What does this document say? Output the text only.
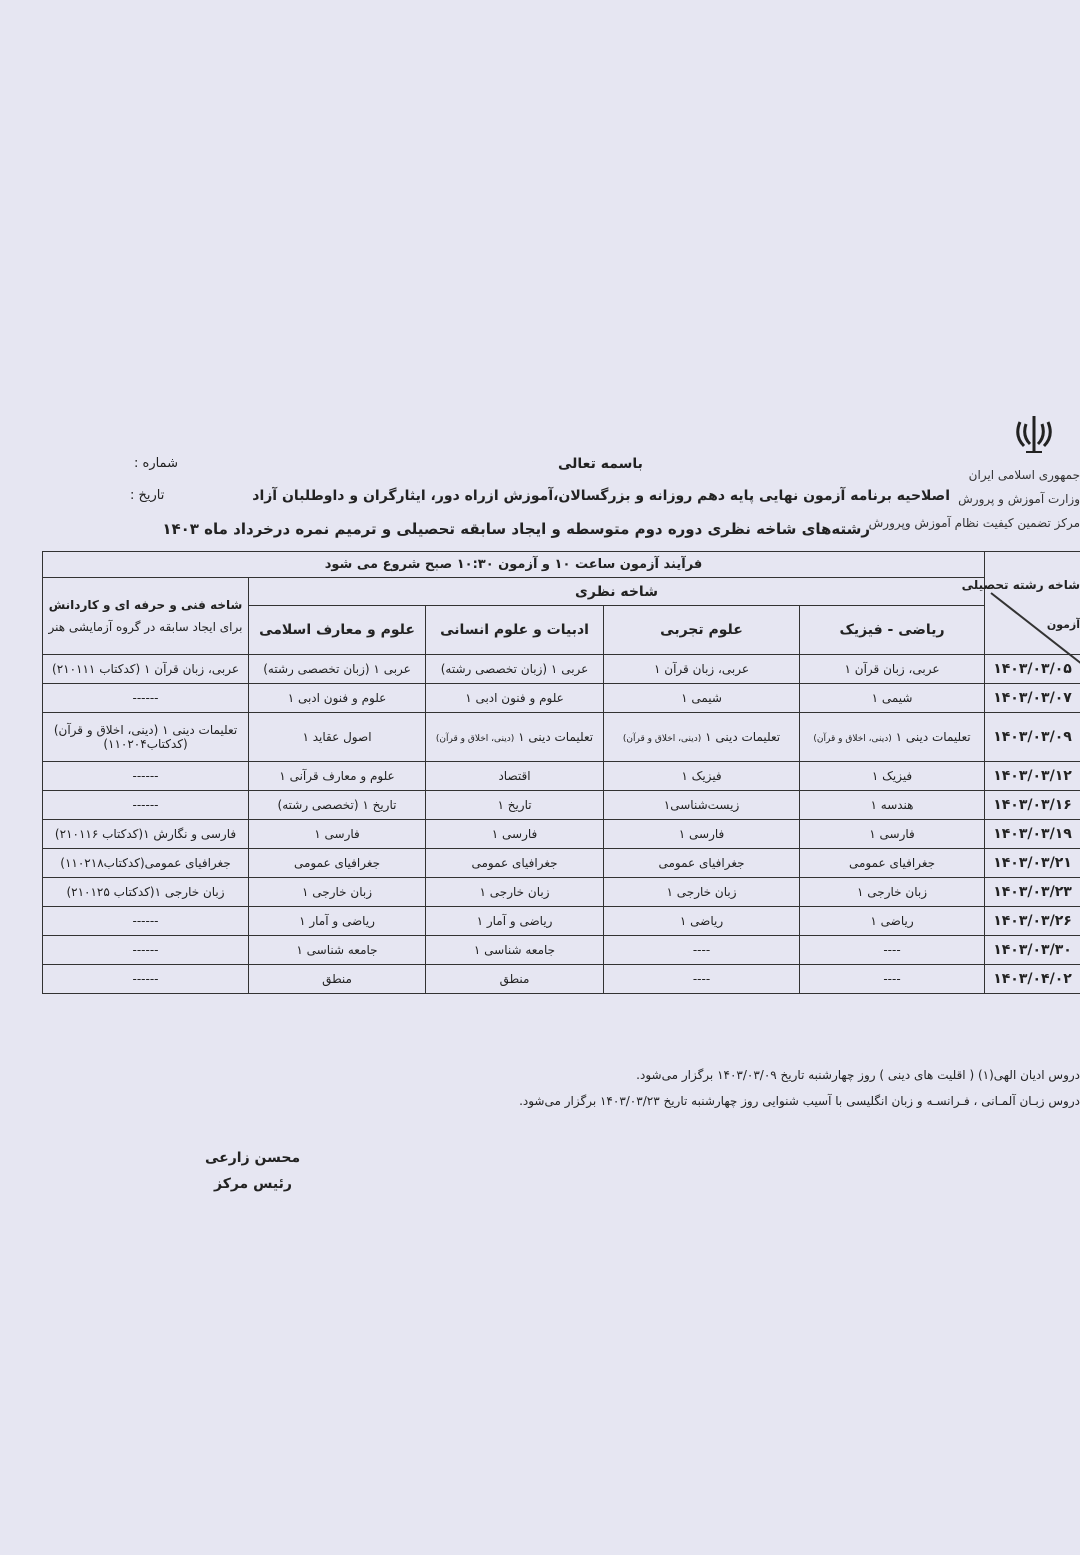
جمهوری اسلامی ایران
وزارت آموزش و پرورش
مرکز تضمین کیفیت نظام آموزش وپرورش
باسمه تعالی
شماره :
اصلاحیه برنامه آزمون نهایی پایه دهم روزانه و بزرگسالان،آموزش ازراه دور، ایثارگران و داوطلبان آزاد
تاریخ :
رشته‌های شاخه نظری دوره دوم متوسطه و ایجاد سابقه تحصیلی و ترمیم نمره درخرداد ماه ۱۴۰۳
شاخه رشته تحصیلی
آزمون	فرآیند آزمون ساعت ۱۰ و آزمون ۱۰:۳۰ صبح شروع می شود				
	شاخه نظری				شاخه فنی و حرفه ای و کاردانش
برای ایجاد سابقه در گروه آزمایشی هنر

	ریاضی - فیزیک	علوم تجربی	ادبیات و علوم انسانی	علوم و معارف اسلامی	
۱۴۰۳/۰۳/۰۵	عربی، زبان قرآن ۱	عربی، زبان قرآن ۱	عربی ۱ (زبان تخصصی رشته)	عربی ۱ (زبان تخصصی رشته)	عربی، زبان قرآن ۱ (کدکتاب ۲۱۰۱۱۱)
۱۴۰۳/۰۳/۰۷	شیمی ۱	شیمی ۱	علوم و فنون ادبی ۱	علوم و فنون ادبی ۱	------
۱۴۰۳/۰۳/۰۹	تعلیمات دینی ۱ (دینی، اخلاق و قرآن)	تعلیمات دینی ۱ (دینی، اخلاق و قرآن)	تعلیمات دینی ۱ (دینی، اخلاق و قرآن)	اصول عقاید ۱	تعلیمات دینی ۱ (دینی، اخلاق و قرآن)(کدکتاب۱۱۰۲۰۴)
۱۴۰۳/۰۳/۱۲	فیزیک ۱	فیزیک ۱	اقتصاد	علوم و معارف قرآنی ۱	------
۱۴۰۳/۰۳/۱۶	هندسه ۱	زیست‌شناسی۱	تاریخ ۱	تاریخ ۱ (تخصصی رشته)	------
۱۴۰۳/۰۳/۱۹	فارسی ۱	فارسی ۱	فارسی ۱	فارسی ۱	فارسی و نگارش ۱(کدکتاب ۲۱۰۱۱۶)
۱۴۰۳/۰۳/۲۱	جغرافیای عمومی	جغرافیای عمومی	جغرافیای عمومی	جغرافیای عمومی	جغرافیای عمومی(کدکتاب۱۱۰۲۱۸)
۱۴۰۳/۰۳/۲۳	زبان خارجی ۱	زبان خارجی ۱	زبان خارجی ۱	زبان خارجی ۱	زبان خارجی ۱(کدکتاب ۲۱۰۱۲۵)
۱۴۰۳/۰۳/۲۶	ریاضی ۱	ریاضی ۱	ریاضی و آمار ۱	ریاضی و آمار ۱	------
۱۴۰۳/۰۳/۳۰	----	----	جامعه شناسی ۱	جامعه شناسی ۱	------
۱۴۰۳/۰۴/۰۲	----	----	منطق	منطق	------
دروس ادیان الهی(۱) ( اقلیت های دینی ) روز چهارشنبه تاریخ ۱۴۰۳/۰۳/۰۹ برگزار می‌شود.
دروس زبـان آلمـانی ، فـرانسـه و زبان انگلیسی با آسیب شنوایی روز چهارشنبه تاریخ ۱۴۰۳/۰۳/۲۳ برگزار می‌شود.
محسن زارعی
رئیس مرکز
